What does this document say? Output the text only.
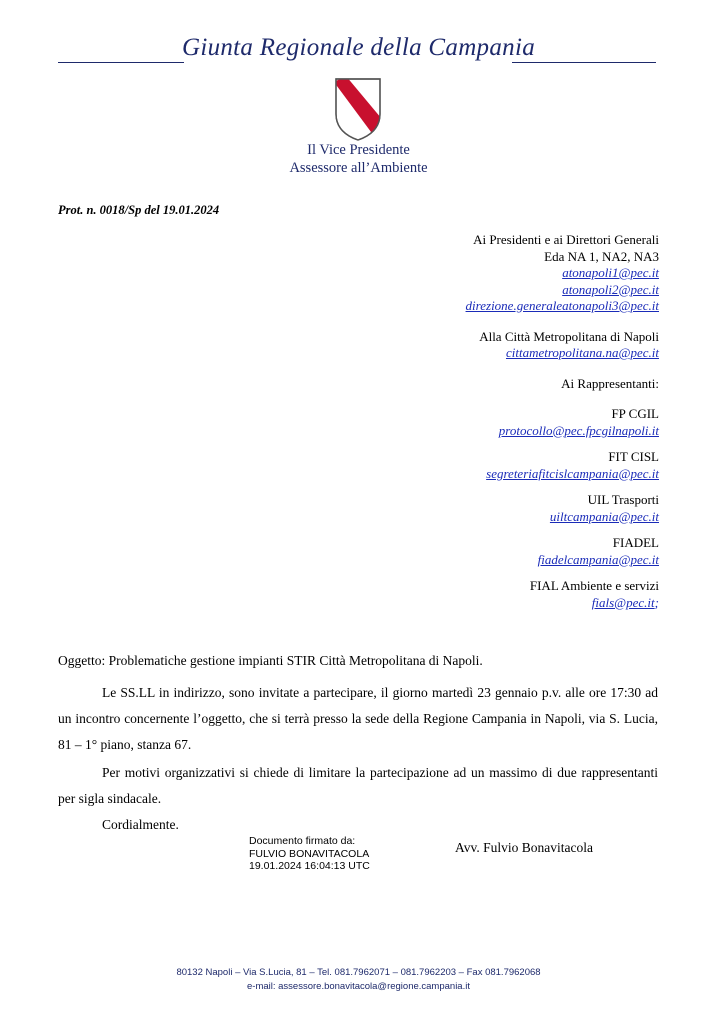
Giunta Regionale della Campania
Il Vice Presidente
Assessore all’Ambiente
Prot. n. 0018/Sp del 19.01.2024
Ai Presidenti e ai Direttori Generali
Eda NA 1, NA2, NA3
atonapoli1@pec.it
atonapoli2@pec.it
direzione.generaleatonapoli3@pec.it
Alla Città Metropolitana di Napoli
cittametropolitana.na@pec.it
Ai Rappresentanti:
FP CGIL
protocollo@pec.fpcgilnapoli.it
FIT CISL
segreteriafitcislcampania@pec.it
UIL Trasporti
uiltcampania@pec.it
FIADEL
fiadelcampania@pec.it
FIAL Ambiente e servizi
fials@pec.it;
Oggetto: Problematiche gestione impianti STIR Città Metropolitana di Napoli.
Le SS.LL in indirizzo, sono invitate a partecipare, il giorno martedì 23 gennaio p.v. alle ore 17:30 ad un incontro concernente l’oggetto, che si terrà presso la sede della Regione Campania in Napoli, via S. Lucia, 81 – 1° piano, stanza 67.
Per motivi organizzativi si chiede di limitare la partecipazione ad un massimo di due rappresentanti per sigla sindacale.
Cordialmente.
Documento firmato da:
FULVIO BONAVITACOLA
19.01.2024 16:04:13 UTC
Avv. Fulvio Bonavitacola
80132 Napoli – Via S.Lucia, 81 – Tel. 081.7962071 – 081.7962203 – Fax 081.7962068
e-mail: assessore.bonavitacola@regione.campania.it
